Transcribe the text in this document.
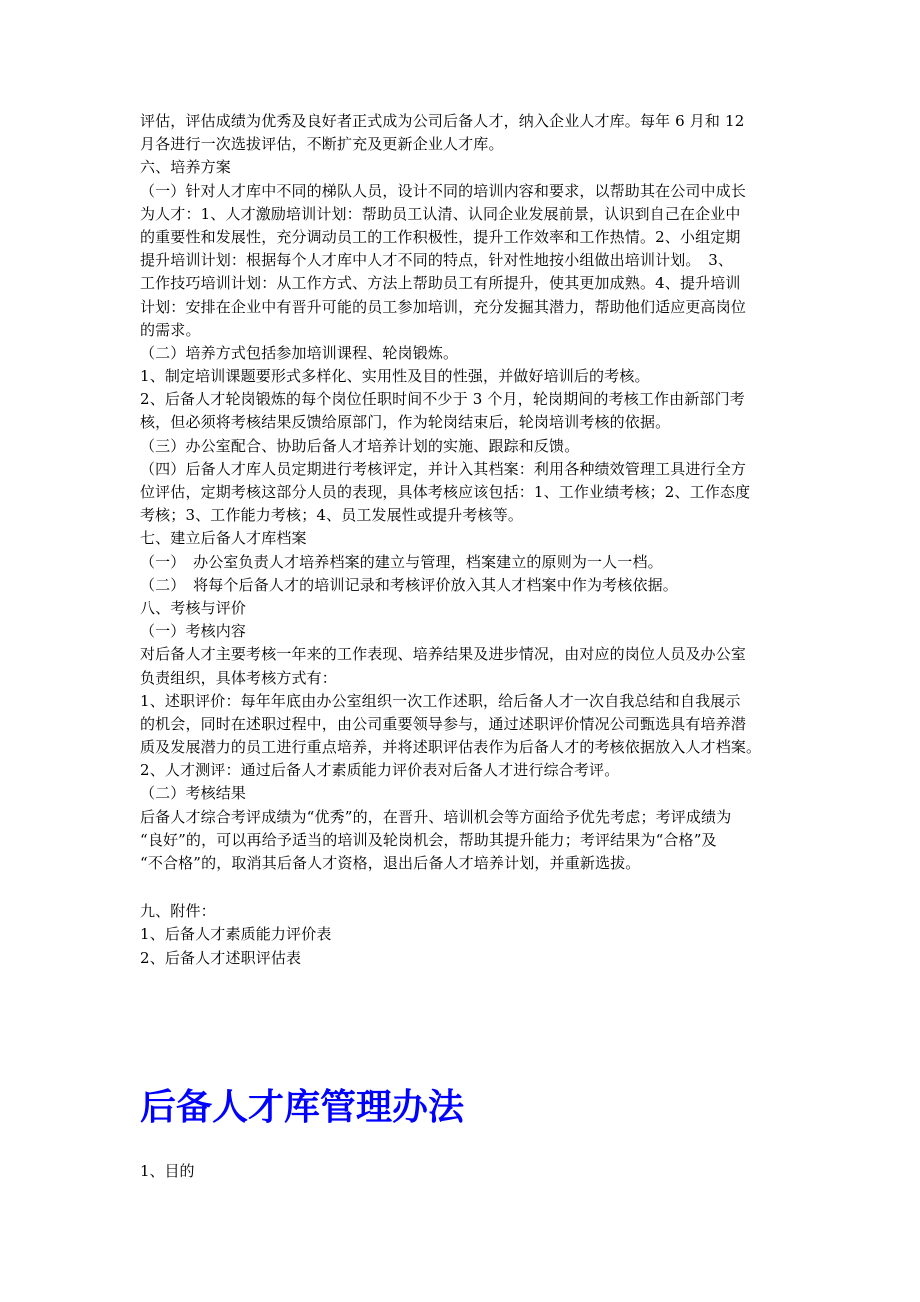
评估，评估成绩为优秀及良好者正式成为公司后备人才，纳入企业人才库。每年 6 月和 12
月各进行一次选拔评估，不断扩充及更新企业人才库。
六、培养方案
（一）针对人才库中不同的梯队人员，设计不同的培训内容和要求，以帮助其在公司中成长
为人才：1、人才激励培训计划：帮助员工认清、认同企业发展前景，认识到自己在企业中
的重要性和发展性，充分调动员工的工作积极性，提升工作效率和工作热情。2、小组定期
提升培训计划：根据每个人才库中人才不同的特点，针对性地按小组做出培训计划。　3、
工作技巧培训计划：从工作方式、方法上帮助员工有所提升，使其更加成熟。4、提升培训
计划：安排在企业中有晋升可能的员工参加培训，充分发掘其潜力，帮助他们适应更高岗位
的需求。
（二）培养方式包括参加培训课程、轮岗锻炼。
1、制定培训课题要形式多样化、实用性及目的性强，并做好培训后的考核。
2、后备人才轮岗锻炼的每个岗位任职时间不少于 3 个月，轮岗期间的考核工作由新部门考
核，但必须将考核结果反馈给原部门，作为轮岗结束后，轮岗培训考核的依据。
（三）办公室配合、协助后备人才培养计划的实施、跟踪和反馈。
（四）后备人才库人员定期进行考核评定，并计入其档案：利用各种绩效管理工具进行全方
位评估，定期考核这部分人员的表现，具体考核应该包括：1、工作业绩考核；2、工作态度
考核；3、工作能力考核；4、员工发展性或提升考核等。
七、建立后备人才库档案
（一）　办公室负责人才培养档案的建立与管理，档案建立的原则为一人一档。
（二）　将每个后备人才的培训记录和考核评价放入其人才档案中作为考核依据。
八、考核与评价
（一）考核内容
对后备人才主要考核一年来的工作表现、培养结果及进步情况，由对应的岗位人员及办公室
负责组织，具体考核方式有：
1、述职评价：每年年底由办公室组织一次工作述职，给后备人才一次自我总结和自我展示
的机会，同时在述职过程中，由公司重要领导参与，通过述职评价情况公司甄选具有培养潜
质及发展潜力的员工进行重点培养，并将述职评估表作为后备人才的考核依据放入人才档案。
2、人才测评：通过后备人才素质能力评价表对后备人才进行综合考评。
（二）考核结果
后备人才综合考评成绩为“优秀”的，在晋升、培训机会等方面给予优先考虑；考评成绩为
“良好”的，可以再给予适当的培训及轮岗机会，帮助其提升能力；考评结果为“合格”及
“不合格”的，取消其后备人才资格，退出后备人才培养计划，并重新选拔。
九、附件：
1、后备人才素质能力评价表
2、后备人才述职评估表
后备人才库管理办法
1、目的
